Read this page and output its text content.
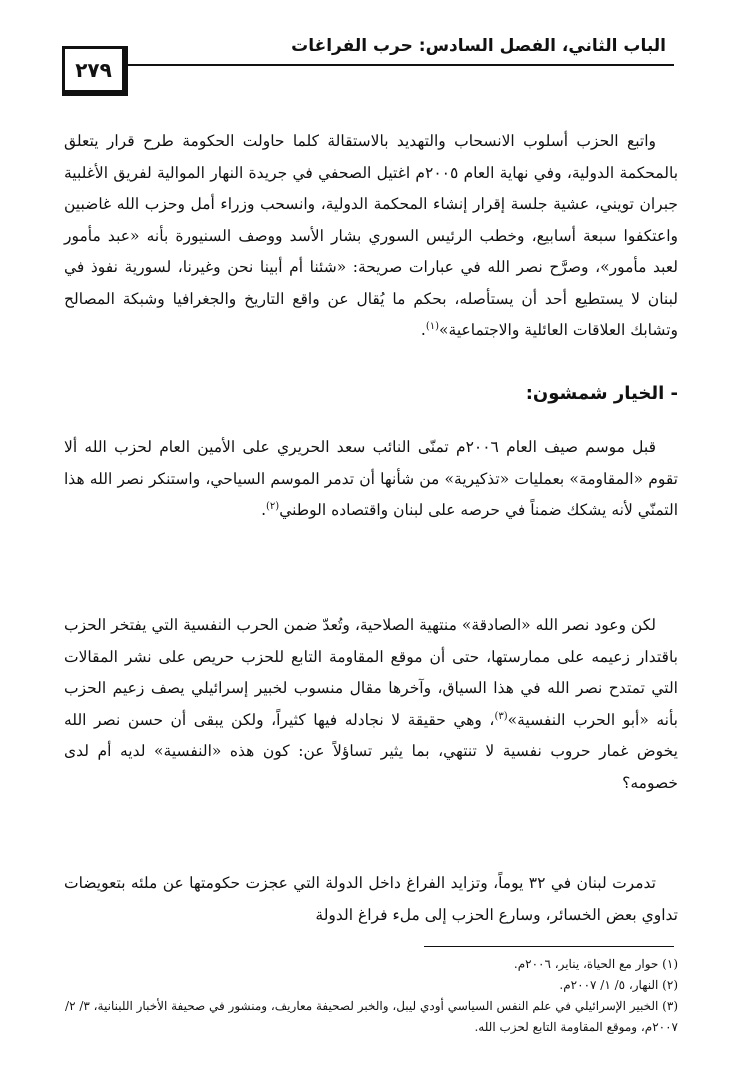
الباب الثاني، الفصل السادس: حرب الفراغات
٢٧٩

واتبع الحزب أسلوب الانسحاب والتهديد بالاستقالة كلما حاولت الحكومة طرح قرار يتعلق بالمحكمة الدولية، وفي نهاية العام ٢٠٠٥م اغتيل الصحفي في جريدة النهار الموالية لفريق الأغلبية جبران تويني، عشية جلسة إقرار إنشاء المحكمة الدولية، وانسحب وزراء أمل وحزب الله غاضبين واعتكفوا سبعة أسابيع، وخطب الرئيس السوري بشار الأسد ووصف السنيورة بأنه «عبد مأمور لعبد مأمور»، وصرَّح نصر الله في عبارات صريحة: «شئنا أم أبينا نحن وغيرنا، لسورية نفوذ في لبنان لا يستطيع أحد أن يستأصله، بحكم ما يُقال عن واقع التاريخ والجغرافيا وشبكة المصالح وتشابك العلاقات العائلية والاجتماعية»$^{(١)}$.

- الخيار شمشون:

قبل موسم صيف العام ٢٠٠٦م تمنّى النائب سعد الحريري على الأمين العام لحزب الله ألا تقوم «المقاومة» بعمليات «تذكيرية» من شأنها أن تدمر الموسم السياحي، واستنكر نصر الله هذا التمنّي لأنه يشكك ضمناً في حرصه على لبنان واقتصاده الوطني$^{(٢)}$.

لكن وعود نصر الله «الصادقة» منتهية الصلاحية، وتُعدّ ضمن الحرب النفسية التي يفتخر الحزب باقتدار زعيمه على ممارستها، حتى أن موقع المقاومة التابع للحزب حريص على نشر المقالات التي تمتدح نصر الله في هذا السياق، وآخرها مقال منسوب لخبير إسرائيلي يصف زعيم الحزب بأنه «أبو الحرب النفسية»$^{(٣)}$، وهي حقيقة لا نجادله فيها كثيراً، ولكن يبقى أن حسن نصر الله يخوض غمار حروب نفسية لا تنتهي، بما يثير تساؤلاً عن: كون هذه «النفسية» لديه أم لدى خصومه؟

تدمرت لبنان في ٣٢ يوماً، وتزايد الفراغ داخل الدولة التي عجزت حكومتها عن ملئه بتعويضات تداوي بعض الخسائر، وسارع الحزب إلى ملء فراغ الدولة

(١) حوار مع الحياة، يناير، ٢٠٠٦م.
(٢) النهار، ٥/ ١/ ٢٠٠٧م.
(٣) الخبير الإسرائيلي في علم النفس السياسي أودي ليبل، والخبر لصحيفة معاريف، ومنشور في صحيفة الأخبار اللبنانية، ٣/ ٢/ ٢٠٠٧م، وموقع المقاومة التابع لحزب الله.
